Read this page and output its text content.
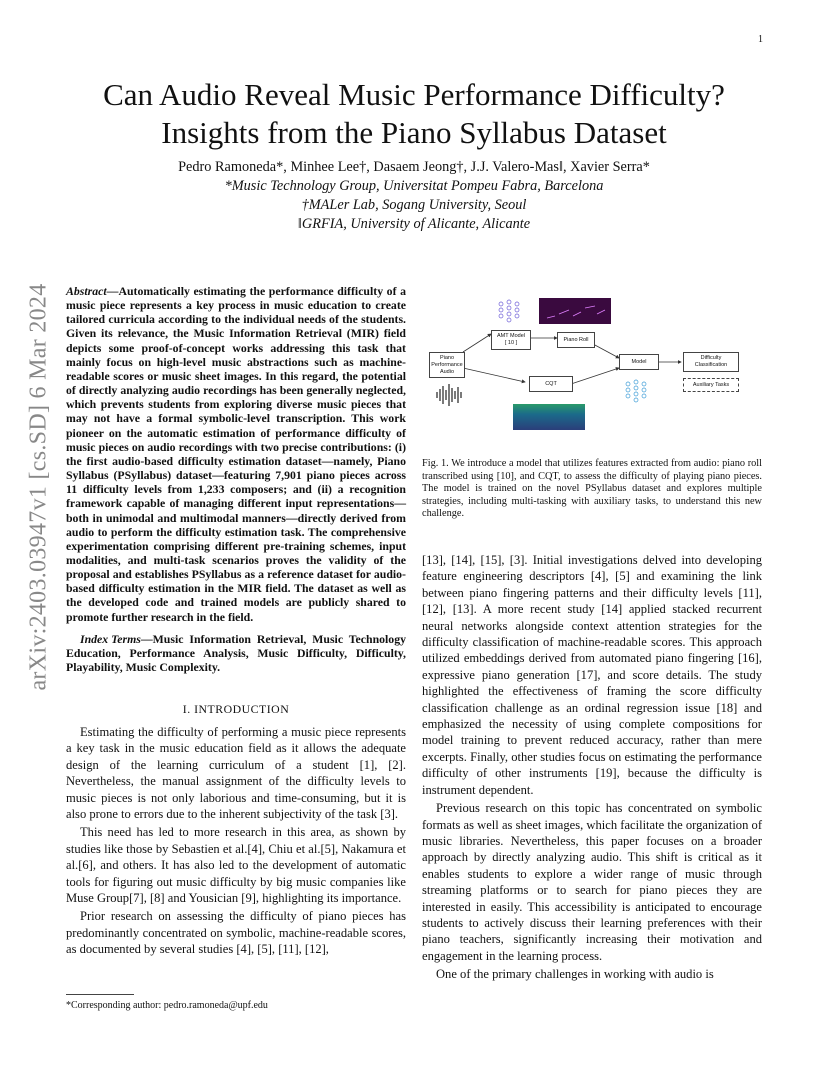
1
arXiv:2403.03947v1 [cs.SD] 6 Mar 2024
Can Audio Reveal Music Performance Difficulty?
Insights from the Piano Syllabus Dataset
Pedro Ramoneda*, Minhee Lee†, Dasaem Jeong†, J.J. Valero-Mas‖, Xavier Serra*
*Music Technology Group, Universitat Pompeu Fabra, Barcelona
†MALer Lab, Sogang University, Seoul
‖GRFIA, University of Alicante, Alicante
Abstract—Automatically estimating the performance difficulty of a music piece represents a key process in music education to create tailored curricula according to the individual needs of the students. Given its relevance, the Music Information Retrieval (MIR) field depicts some proof-of-concept works addressing this task that mainly focus on high-level music abstractions such as machine-readable scores or music sheet images. In this regard, the potential of directly analyzing audio recordings has been generally neglected, which prevents students from exploring diverse music pieces that may not have a formal symbolic-level transcription. This work pioneer on the automatic estimation of performance difficulty of music pieces on audio recordings with two precise contributions: (i) the first audio-based difficulty estimation dataset—namely, Piano Syllabus (PSyllabus) dataset—featuring 7,901 piano pieces across 11 difficulty levels from 1,233 composers; and (ii) a recognition framework capable of managing different input representations—both in unimodal and multimodal manners—directly derived from audio to perform the difficulty estimation task. The comprehensive experimentation comprising different pre-training schemes, input modalities, and multi-task scenarios proves the validity of the proposal and establishes PSyllabus as a reference dataset for audio-based difficulty estimation in the MIR field. The dataset as well as the developed code and trained models are publicly shared to promote further research in the field.
Index Terms—Music Information Retrieval, Music Technology Education, Performance Analysis, Music Difficulty, Difficulty, Playability, Music Complexity.
I. INTRODUCTION

Estimating the difficulty of performing a music piece represents a key task in the music education field as it allows the adequate design of the learning curriculum of a student [1], [2]. Nevertheless, the manual assignment of the difficulty levels to music pieces is not only laborious and time-consuming, but it is also prone to errors due to the inherent subjectivity of the task [3].

This need has led to more research in this area, as shown by studies like those by Sebastien et al.[4], Chiu et al.[5], Nakamura et al.[6], and others. It has also led to the development of automatic tools for figuring out music difficulty by big music companies like Muse Group[7], [8] and Yousician [9], highlighting its importance.

Prior research on assessing the difficulty of piano pieces has predominantly concentrated on symbolic, machine-readable scores, as documented by several studies [4], [5], [11], [12],

*Corresponding author: pedro.ramoneda@upf.edu
Piano
Performance
Audio
AMT Model
[ 10 ]
Piano Roll
CQT
Model
Difficulty
Classification
Auxiliary Tasks
Fig. 1. We introduce a model that utilizes features extracted from audio: piano roll transcribed using [10], and CQT, to assess the difficulty of playing piano pieces. The model is trained on the novel PSyllabus dataset and explores multiple strategies, including multi-tasking with auxiliary tasks, to understand this new challenge.

[13], [14], [15], [3]. Initial investigations delved into developing feature engineering descriptors [4], [5] and examining the link between piano fingering patterns and their difficulty levels [11], [12], [13]. A more recent study [14] applied stacked recurrent neural networks alongside context attention strategies for the difficulty classification of machine-readable scores. This approach utilized embeddings derived from automated piano fingering [16], expressive piano generation [17], and score details. The study highlighted the effectiveness of framing the score difficulty classification challenge as an ordinal regression issue [18] and emphasized the necessity of using complete compositions for model training to prevent reduced accuracy, rather than mere excerpts. Finally, other studies focus on estimating the performance difficulty of other instruments [19], because the difficulty is instrument dependent.

Previous research on this topic has concentrated on symbolic formats as well as sheet images, which facilitate the organization of music libraries. Nevertheless, this paper focuses on a broader approach by directly analyzing audio. This shift is critical as it enables students to explore a wider range of music through streaming platforms or to search for piano pieces they are interested in easily. This accessibility is anticipated to encourage students to actively discuss their learning preferences with their piano teachers, significantly increasing their motivation and engagement in the learning process.

One of the primary challenges in working with audio is
